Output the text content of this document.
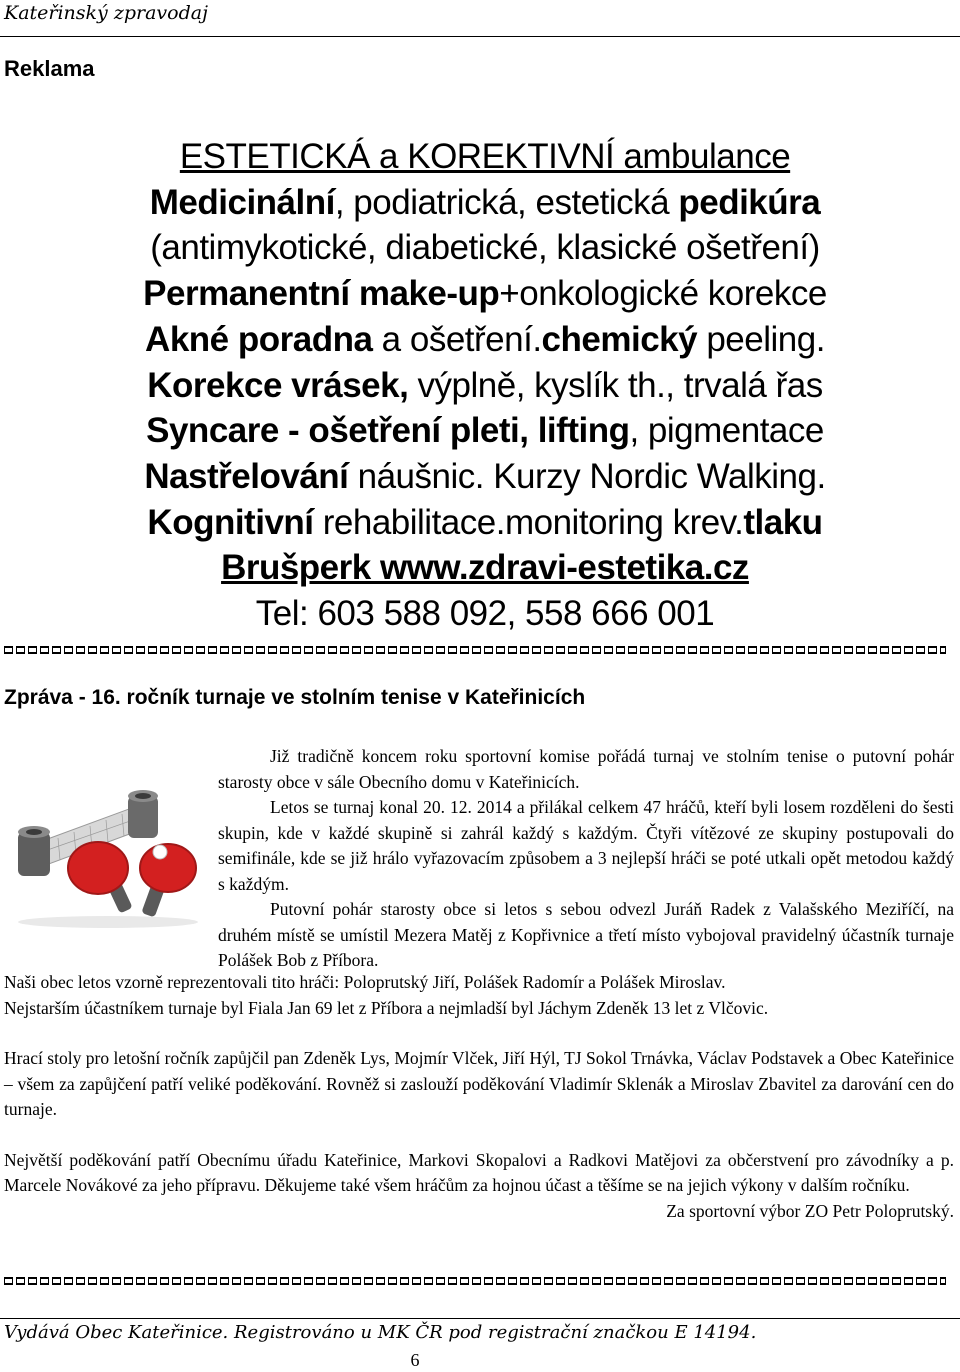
Kateřinský zpravodaj
Reklama
ESTETICKÁ a KOREKTIVNÍ ambulance
Medicinální, podiatrická, estetická pedikúra
(antimykotické, diabetické, klasické ošetření)
Permanentní make-up+onkologické korekce
Akné poradna a ošetření.chemický peeling.
Korekce vrásek, výplně, kyslík th., trvalá řas
Syncare - ošetření pleti, lifting, pigmentace
Nastřelování náušnic. Kurzy Nordic Walking.
Kognitivní rehabilitace.monitoring krev.tlaku
Brušperk www.zdravi-estetika.cz
Tel: 603 588 092, 558 666 001
Zpráva - 16. ročník turnaje ve stolním tenise v Kateřinicích

Již tradičně koncem roku sportovní komise pořádá turnaj ve stolním tenise o putovní pohár starosty obce v sále Obecního domu v Kateřinicích.

Letos se turnaj konal 20. 12. 2014 a přilákal celkem 47 hráčů, kteří byli losem rozděleni do šesti skupin, kde v každé skupině si zahrál každý s každým. Čtyři vítězové ze skupiny postupovali do semifinále, kde se již hrálo vyřazovacím způsobem a 3 nejlepší hráči se poté utkali opět metodou každý s každým.

Putovní pohár starosty obce si letos s sebou odvezl Juráň Radek z Valašského Meziříčí, na druhém místě se umístil Mezera Matěj z Kopřivnice a třetí místo vybojoval pravidelný účastník turnaje Polášek Bob z Příbora.

Naši obec letos vzorně reprezentovali tito hráči: Poloprutský Jiří, Polášek Radomír a Polášek Miroslav.

Nejstarším účastníkem turnaje byl Fiala Jan 69 let z Příbora a nejmladší byl Jáchym Zdeněk 13 let z Vlčovic.

Hrací stoly pro letošní ročník zapůjčil pan Zdeněk Lys, Mojmír Vlček, Jiří Hýl, TJ Sokol Trnávka, Václav Podstavek a Obec Kateřinice – všem za zapůjčení patří veliké poděkování. Rovněž si zaslouží poděkování Vladimír Sklenák a Miroslav Zbavitel za darování cen do turnaje.

Největší poděkování patří Obecnímu úřadu Kateřinice, Markovi Skopalovi a Radkovi Matějovi za občerstvení pro závodníky a p. Marcele Novákové za jeho přípravu. Děkujeme také všem hráčům za hojnou účast a těšíme se na jejich výkony v dalším ročníku.

Za sportovní výbor ZO Petr Poloprutský.

Vydává Obec Kateřinice. Registrováno u MK ČR pod registrační značkou E 14194.
6
